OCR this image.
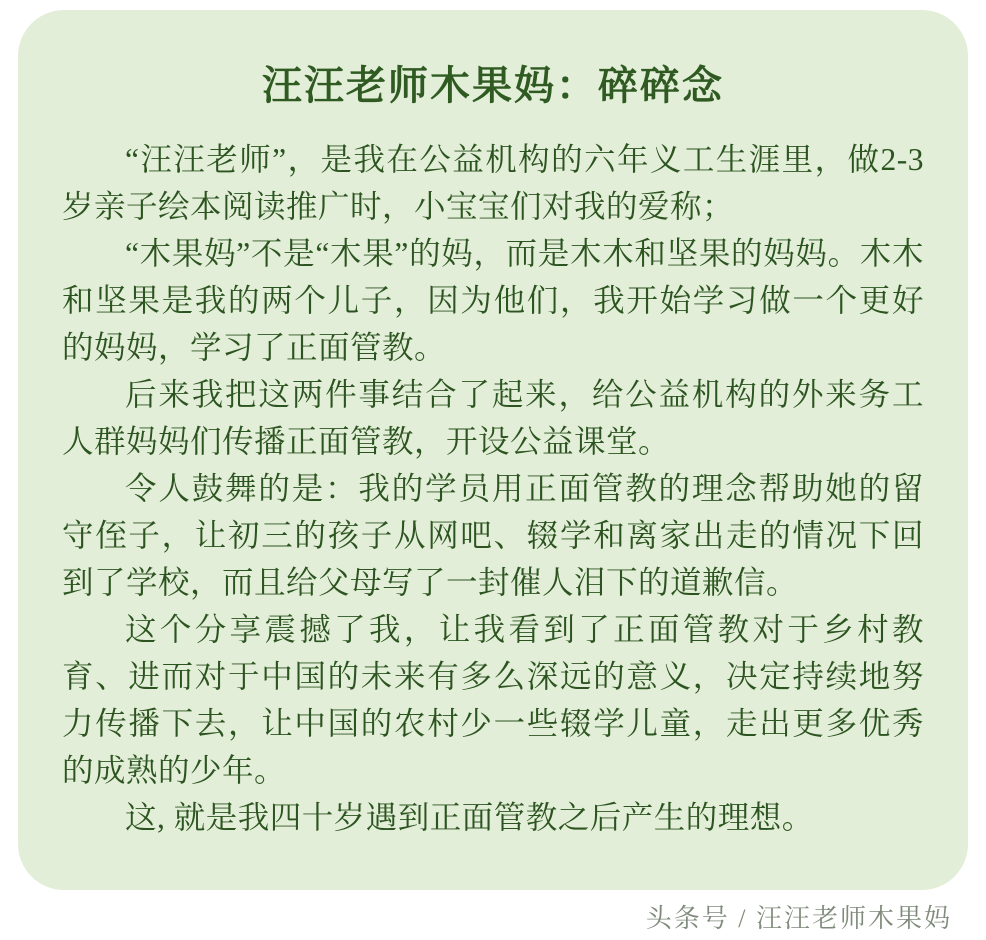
汪汪老师木果妈：碎碎念

“汪汪老师”，是我在公益机构的六年义工生涯里，做2-3岁亲子绘本阅读推广时，小宝宝们对我的爱称；

“木果妈”不是“木果”的妈，而是木木和坚果的妈妈。木木和坚果是我的两个儿子，因为他们，我开始学习做一个更好的妈妈，学习了正面管教。

后来我把这两件事结合了起来，给公益机构的外来务工人群妈妈们传播正面管教，开设公益课堂。

令人鼓舞的是：我的学员用正面管教的理念帮助她的留守侄子，让初三的孩子从网吧、辍学和离家出走的情况下回到了学校，而且给父母写了一封催人泪下的道歉信。

这个分享震撼了我，让我看到了正面管教对于乡村教育、进而对于中国的未来有多么深远的意义，决定持续地努力传播下去，让中国的农村少一些辍学儿童，走出更多优秀的成熟的少年。

这, 就是我四十岁遇到正面管教之后产生的理想。

头条号 / 汪汪老师木果妈
